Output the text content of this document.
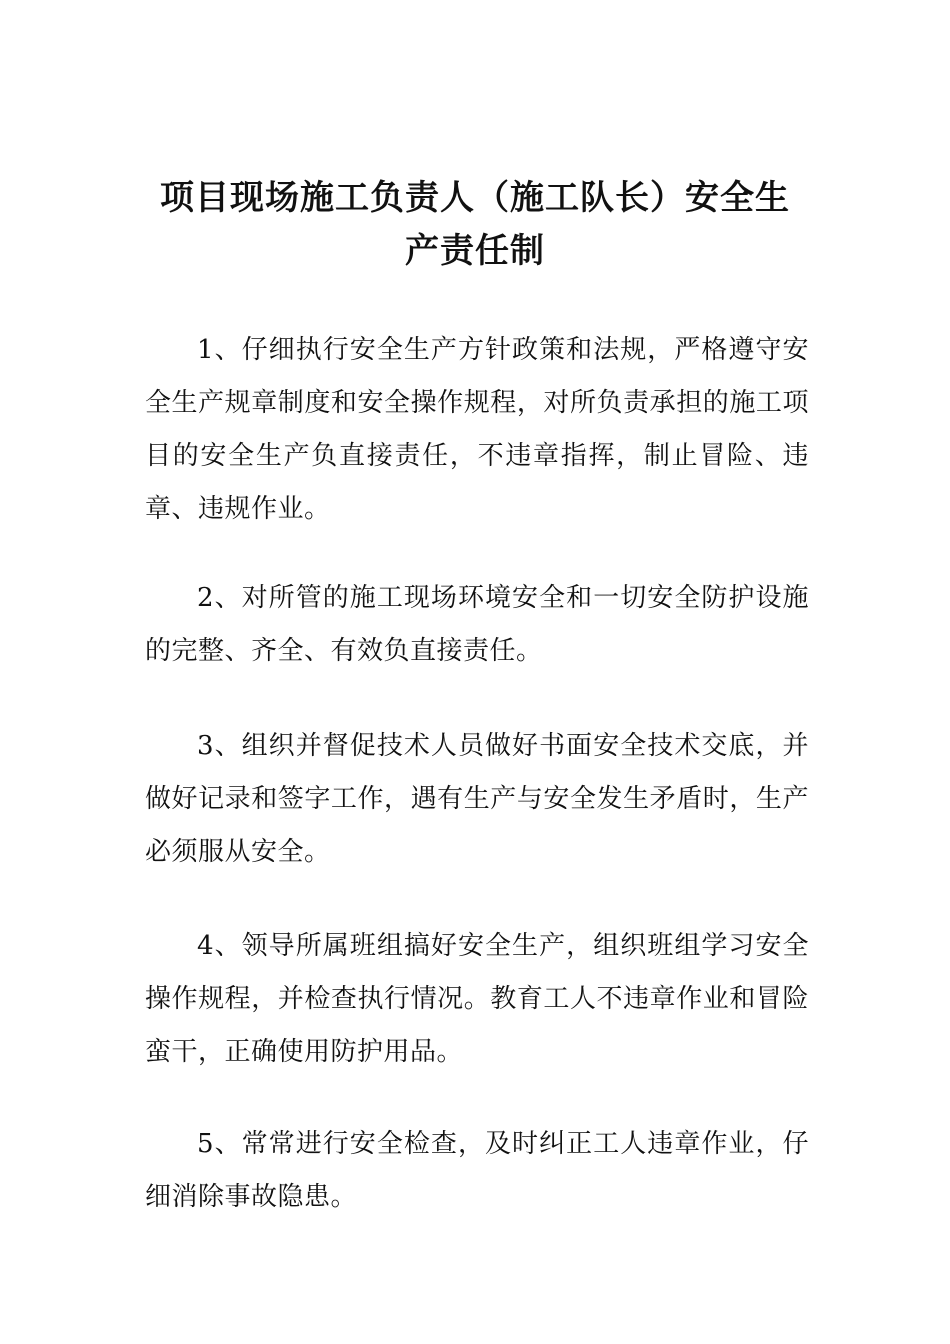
项目现场施工负责人（施工队长）安全生
产责任制

1、仔细执行安全生产方针政策和法规，严格遵守安全生产规章制度和安全操作规程，对所负责承担的施工项目的安全生产负直接责任，不违章指挥，制止冒险、违章、违规作业。

2、对所管的施工现场环境安全和一切安全防护设施的完整、齐全、有效负直接责任。

3、组织并督促技术人员做好书面安全技术交底，并做好记录和签字工作，遇有生产与安全发生矛盾时，生产必须服从安全。

4、领导所属班组搞好安全生产，组织班组学习安全操作规程，并检查执行情况。教育工人不违章作业和冒险蛮干，正确使用防护用品。

5、常常进行安全检查，及时纠正工人违章作业，仔细消除事故隐患。
